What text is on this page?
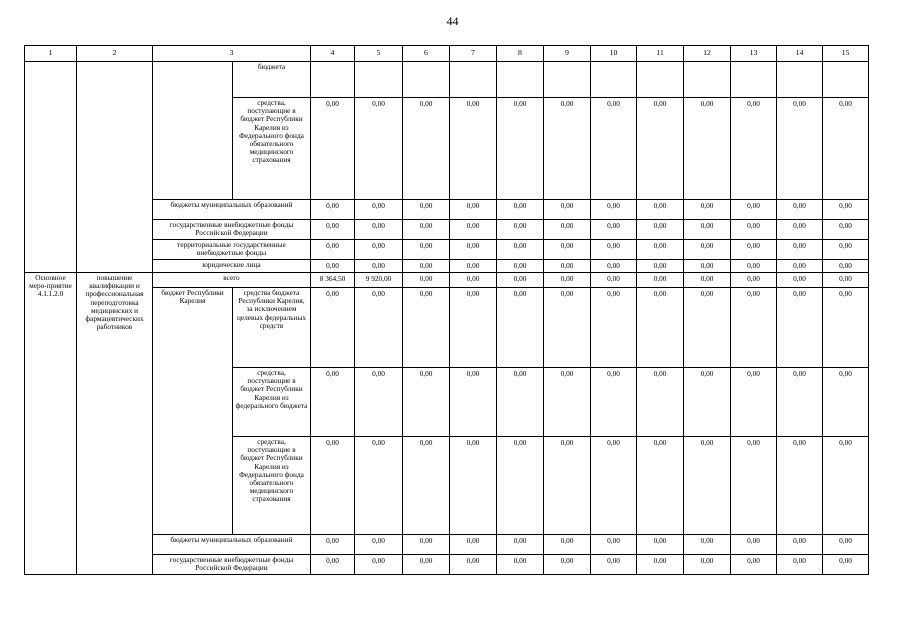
44
1	2	3		4	5	6	7	8	9	10	11	12	13	14	15
			бюджета												
			средства, поступающие в бюджет Республики Карелия из Федерального фонда обязательного медицинского страхования	0,00	0,00	0,00	0,00	0,00	0,00	0,00	0,00	0,00	0,00	0,00	0,00
		бюджеты муниципальных образований		0,00	0,00	0,00	0,00	0,00	0,00	0,00	0,00	0,00	0,00	0,00	0,00
		государственные внебюджетные фонды Российской Федерации		0,00	0,00	0,00	0,00	0,00	0,00	0,00	0,00	0,00	0,00	0,00	0,00
		территориальные государственные внебюджетные фонды		0,00	0,00	0,00	0,00	0,00	0,00	0,00	0,00	0,00	0,00	0,00	0,00
		юридические лица		0,00	0,00	0,00	0,00	0,00	0,00	0,00	0,00	0,00	0,00	0,00	0,00

Основное меро-приятие 4.1.1.2.0	повышение квалификации и профессиональная переподготовка медицинских и фармацевтических работников	всего		8 364,50	9 920,00	0,00	0,00	0,00	0,00	0,00	0,00	0,00	0,00	0,00	0,00
		бюджет Республики Карелия	средства бюджета Республики Карелия, за исключением целевых федеральных средств	0,00	0,00	0,00	0,00	0,00	0,00	0,00	0,00	0,00	0,00	0,00	0,00
			средства, поступающие в бюджет Республики Карелия из федерального бюджета	0,00	0,00	0,00	0,00	0,00	0,00	0,00	0,00	0,00	0,00	0,00	0,00
			средства, поступающие в бюджет Республики Карелия из Федерального фонда обязательного медицинского страхования	0,00	0,00	0,00	0,00	0,00	0,00	0,00	0,00	0,00	0,00	0,00	0,00
		бюджеты муниципальных образований		0,00	0,00	0,00	0,00	0,00	0,00	0,00	0,00	0,00	0,00	0,00	0,00
		государственные внебюджетные фонды Российской Федерации		0,00	0,00	0,00	0,00	0,00	0,00	0,00	0,00	0,00	0,00	0,00	0,00
